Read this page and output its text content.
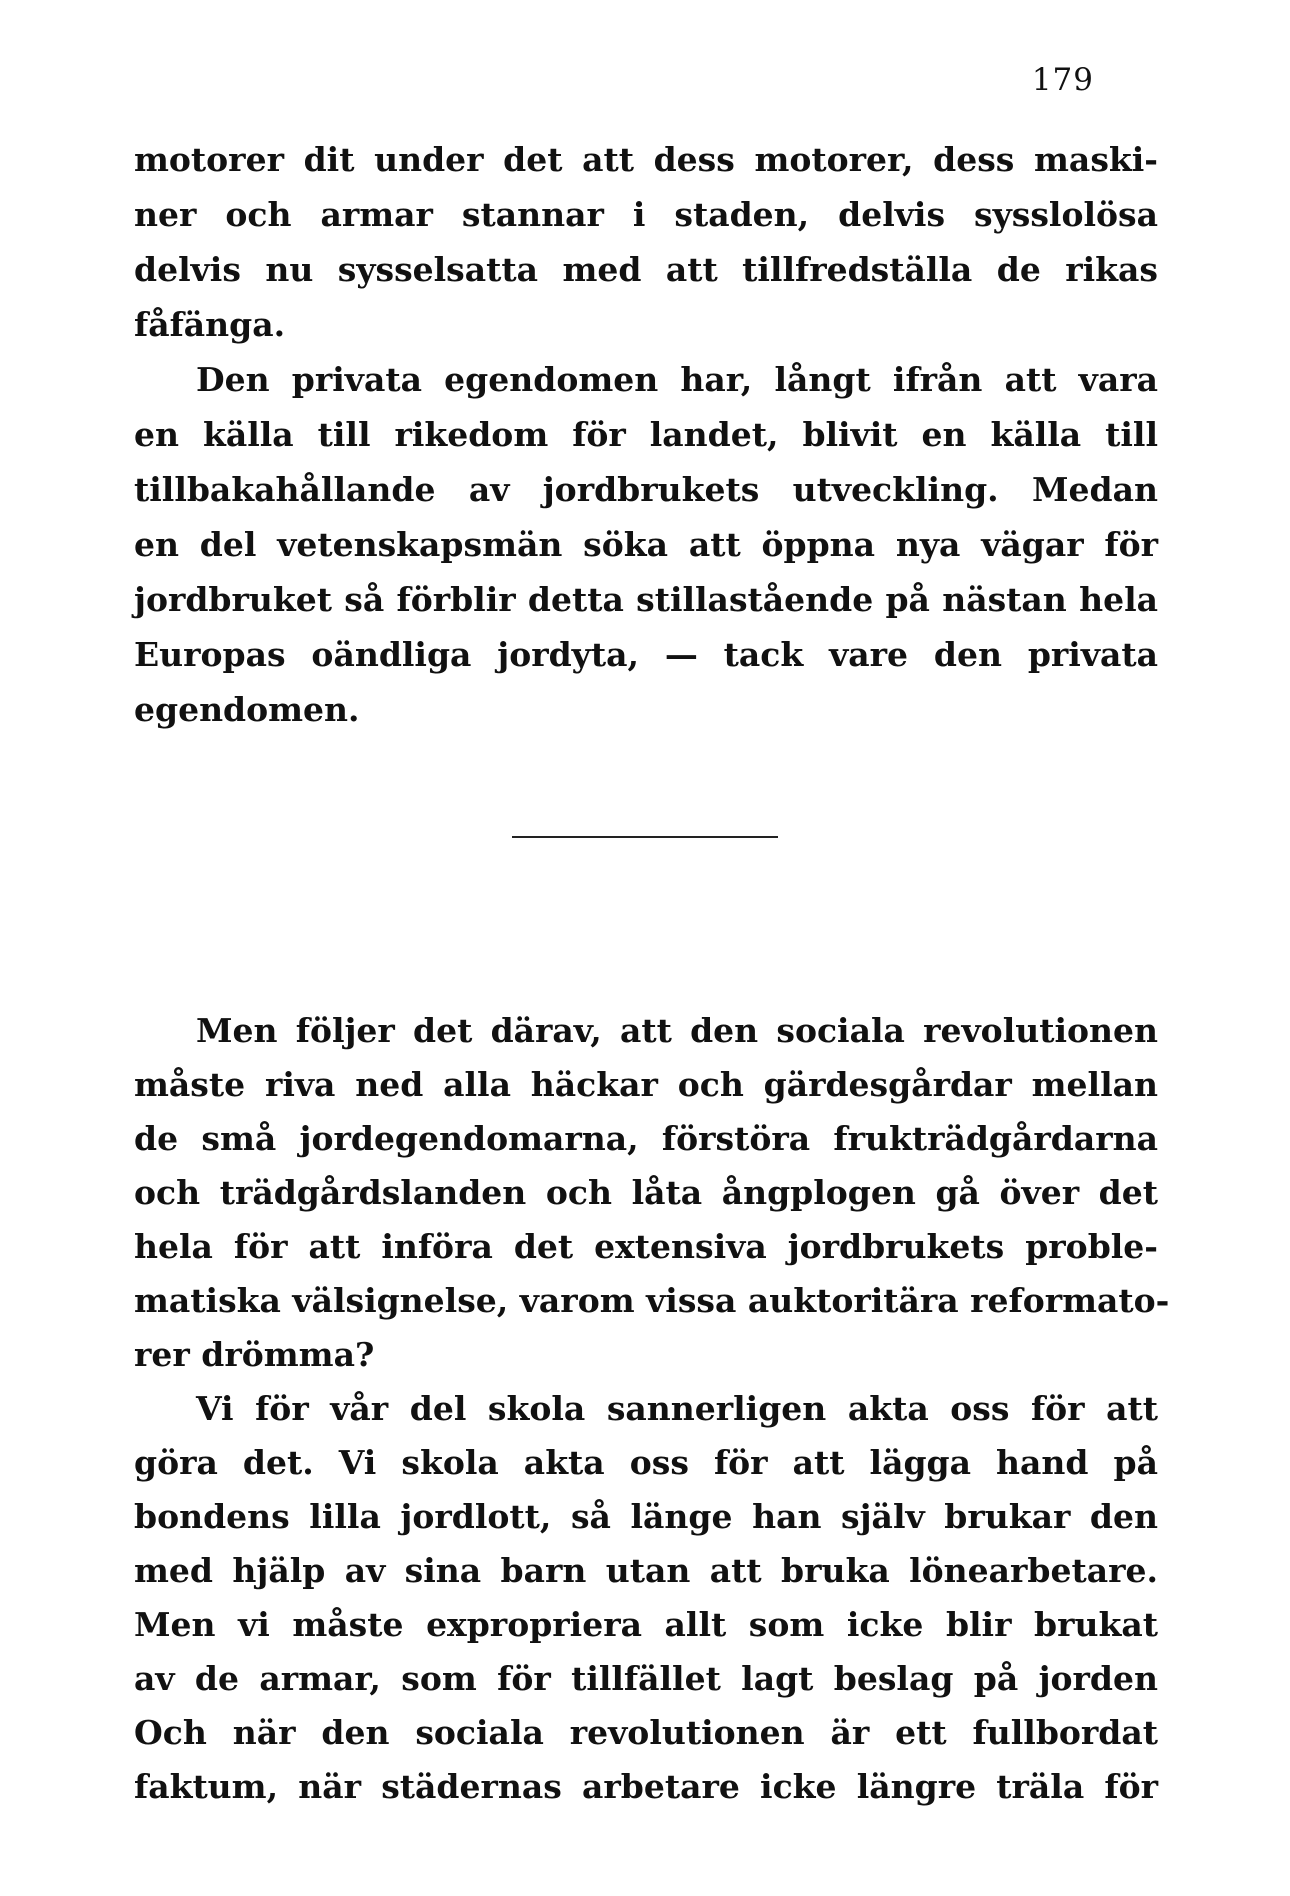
179
motorer dit under det att dess motorer, dess maski-
ner och armar stannar i staden, delvis sysslolösa
delvis nu sysselsatta med att tillfredställa de rikas
fåfänga.
Den privata egendomen har, långt ifrån att vara
en källa till rikedom för landet, blivit en källa till
tillbakahållande av jordbrukets utveckling. Medan
en del vetenskapsmän söka att öppna nya vägar för
jordbruket så förblir detta stillastående på nästan hela
Europas oändliga jordyta, — tack vare den privata
egendomen.
Men följer det därav, att den sociala revolutionen
måste riva ned alla häckar och gärdesgårdar mellan
de små jordegendomarna, förstöra frukträdgårdarna
och trädgårdslanden och låta ångplogen gå över det
hela för att införa det extensiva jordbrukets proble-
matiska välsignelse, varom vissa auktoritära reformato-
rer drömma?
Vi för vår del skola sannerligen akta oss för att
göra det. Vi skola akta oss för att lägga hand på
bondens lilla jordlott, så länge han själv brukar den
med hjälp av sina barn utan att bruka lönearbetare.
Men vi måste expropriera allt som icke blir brukat
av de armar, som för tillfället lagt beslag på jorden
Och när den sociala revolutionen är ett fullbordat
faktum, när städernas arbetare icke längre träla för
